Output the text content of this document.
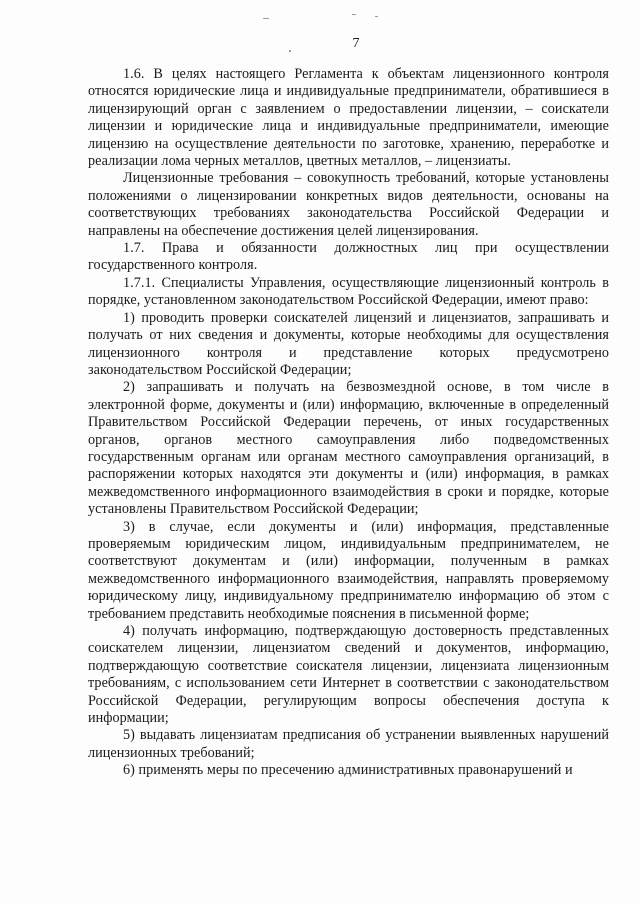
7

1.6. В целях настоящего Регламента к объектам лицензионного контроля относятся юридические лица и индивидуальные предприниматели, обратившиеся в лицензирующий орган с заявлением о предоставлении лицензии, – соискатели лицензии и юридические лица и индивидуальные предприниматели, имеющие лицензию на осуществление деятельности по заготовке, хранению, переработке и реализации лома черных металлов, цветных металлов, – лицензиаты.

Лицензионные требования – совокупность требований, которые установлены положениями о лицензировании конкретных видов деятельности, основаны на соответствующих требованиях законодательства Российской Федерации и направлены на обеспечение достижения целей лицензирования.

1.7. Права и обязанности должностных лиц при осуществлении государственного контроля.

1.7.1. Специалисты Управления, осуществляющие лицензионный контроль в порядке, установленном законодательством Российской Федерации, имеют право:

1) проводить проверки соискателей лицензий и лицензиатов, запрашивать и получать от них сведения и документы, которые необходимы для осуществления лицензионного контроля и представление которых предусмотрено законодательством Российской Федерации;

2) запрашивать и получать на безвозмездной основе, в том числе в электронной форме, документы и (или) информацию, включенные в определенный Правительством Российской Федерации перечень, от иных государственных органов, органов местного самоуправления либо подведомственных государственным органам или органам местного самоуправления организаций, в распоряжении которых находятся эти документы и (или) информация, в рамках межведомственного информационного взаимодействия в сроки и порядке, которые установлены Правительством Российской Федерации;

3) в случае, если документы и (или) информация, представленные проверяемым юридическим лицом, индивидуальным предпринимателем, не соответствуют документам и (или) информации, полученным в рамках межведомственного информационного взаимодействия, направлять проверяемому юридическому лицу, индивидуальному предпринимателю информацию об этом с требованием представить необходимые пояснения в письменной форме;

4) получать информацию, подтверждающую достоверность представленных соискателем лицензии, лицензиатом сведений и документов, информацию, подтверждающую соответствие соискателя лицензии, лицензиата лицензионным требованиям, с использованием сети Интернет в соответствии с законодательством Российской Федерации, регулирующим вопросы обеспечения доступа к информации;

5) выдавать лицензиатам предписания об устранении выявленных нарушений лицензионных требований;

6) применять меры по пресечению административных правонарушений и
